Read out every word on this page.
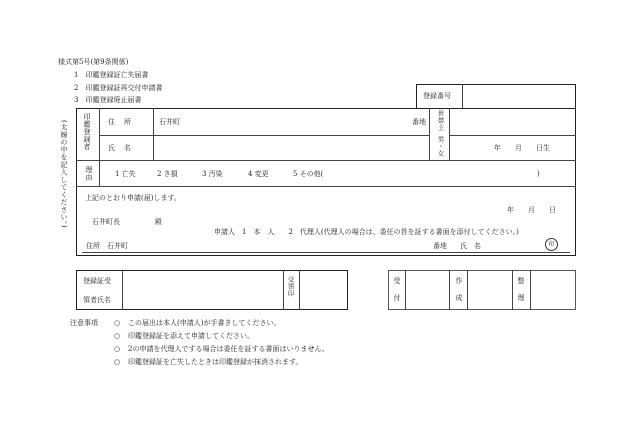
様式第5号(第9条関係)
1　印鑑登録証亡失届書
2　印鑑登録証再交付申請書
3　印鑑登録廃止届書
(太線の中を記入してください。)
登録番号
印鑑登録者 住　所	石井町	番地 世帯主
氏　名	男・女	年　　月　　日生
理由	1 亡失	2 き損	3 汚染	4 変更	5 その他(	)
上記のとおり申請(届)します。
年　　月　　日
石井町長　　　　　殿
申請人　1　本　人　　2　代理人(代理人の場合は、委任の旨を証する書面を添付してください。)
住所　石井町	番地 氏　名	印
登録証受
領者氏名
受領印	受付	作成	整理
注意事項 ○ この届出は本人(申請人)が手書きしてください。
○ 印鑑登録証を添えて申請してください。
○ 2の申請を代理人でする場合は委任を証する書面はいりません。
○ 印鑑登録証を亡失したときは印鑑登録が抹消されます。
